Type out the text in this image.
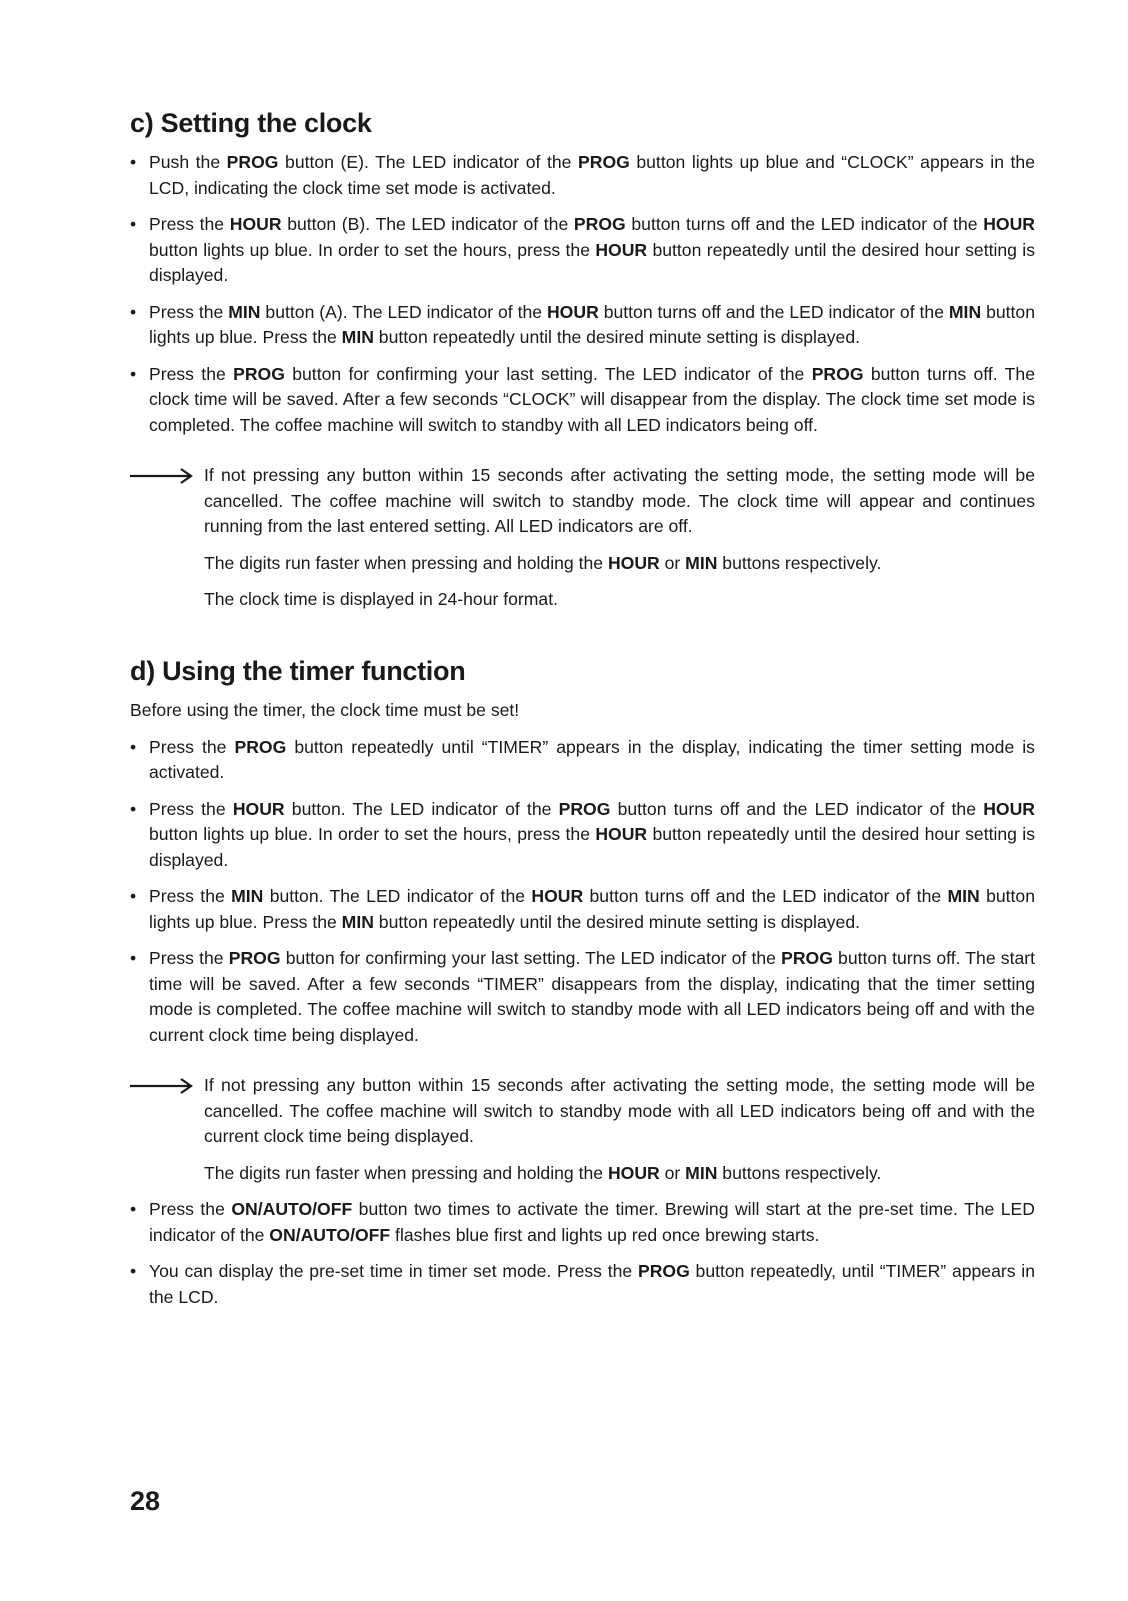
c) Setting the clock

• Push the PROG button (E). The LED indicator of the PROG button lights up blue and “CLOCK” appears in the LCD, indicating the clock time set mode is activated.

• Press the HOUR button (B). The LED indicator of the PROG button turns off and the LED indicator of the HOUR button lights up blue. In order to set the hours, press the HOUR button repeatedly until the desired hour setting is displayed.

• Press the MIN button (A). The LED indicator of the HOUR button turns off and the LED indicator of the MIN button lights up blue. Press the MIN button repeatedly until the desired minute setting is displayed.

• Press the PROG button for confirming your last setting. The LED indicator of the PROG button turns off. The clock time will be saved. After a few seconds “CLOCK” will disappear from the display. The clock time set mode is completed. The coffee machine will switch to standby with all LED indicators being off.

If not pressing any button within 15 seconds after activating the setting mode, the setting mode will be cancelled. The coffee machine will switch to standby mode. The clock time will appear and continues running from the last entered setting. All LED indicators are off.

The digits run faster when pressing and holding the HOUR or MIN buttons respectively.

The clock time is displayed in 24-hour format.

d) Using the timer function

Before using the timer, the clock time must be set!

• Press the PROG button repeatedly until “TIMER” appears in the display, indicating the timer setting mode is activated.

• Press the HOUR button. The LED indicator of the PROG button turns off and the LED indicator of the HOUR button lights up blue. In order to set the hours, press the HOUR button repeatedly until the desired hour setting is displayed.

• Press the MIN button. The LED indicator of the HOUR button turns off and the LED indicator of the MIN button lights up blue. Press the MIN button repeatedly until the desired minute setting is displayed.

• Press the PROG button for confirming your last setting. The LED indicator of the PROG button turns off. The start time will be saved. After a few seconds “TIMER” disappears from the display, indicating that the timer setting mode is completed. The coffee machine will switch to standby mode with all LED indicators being off and with the current clock time being displayed.

If not pressing any button within 15 seconds after activating the setting mode, the setting mode will be cancelled. The coffee machine will switch to standby mode with all LED indicators being off and with the current clock time being displayed.

The digits run faster when pressing and holding the HOUR or MIN buttons respectively.

• Press the ON/AUTO/OFF button two times to activate the timer. Brewing will start at the pre-set time. The LED indicator of the ON/AUTO/OFF flashes blue first and lights up red once brewing starts.

• You can display the pre-set time in timer set mode. Press the PROG button repeatedly, until “TIMER” appears in the LCD.

28
